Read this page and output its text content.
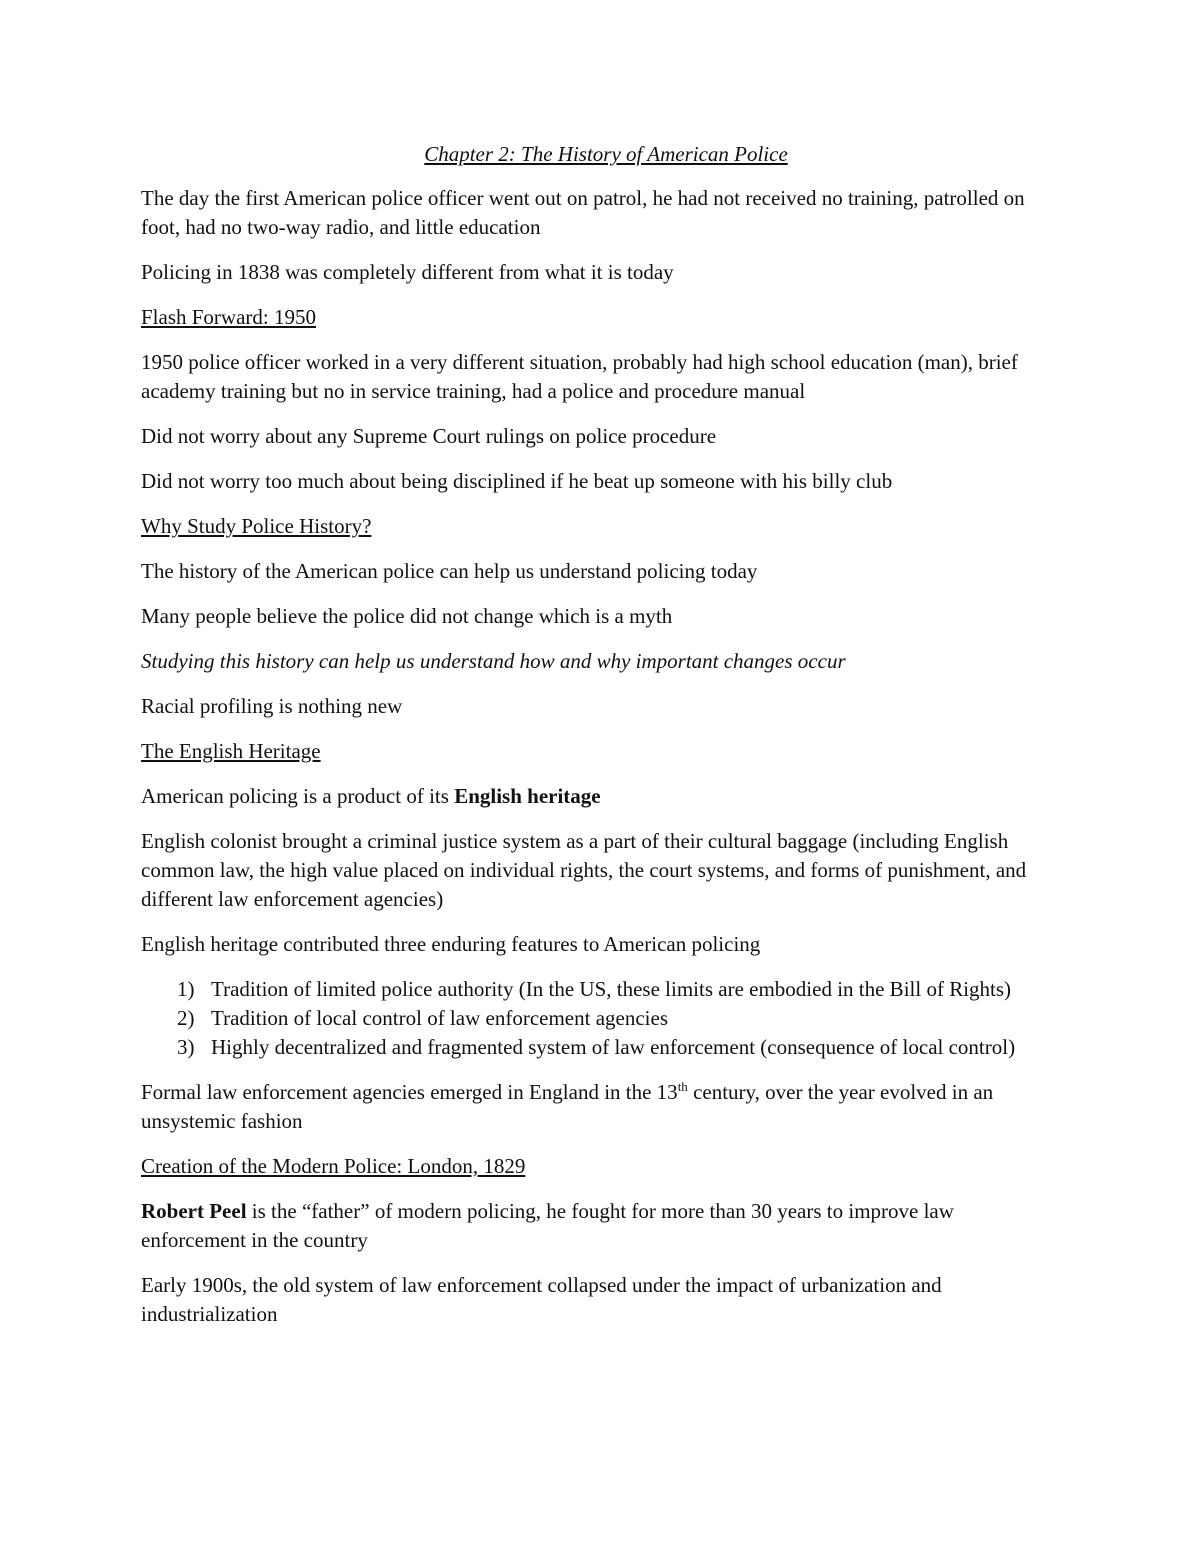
Chapter 2: The History of American Police

The day the first American police officer went out on patrol, he had not received no training, patrolled on foot, had no two-way radio, and little education

Policing in 1838 was completely different from what it is today

Flash Forward: 1950

1950 police officer worked in a very different situation, probably had high school education (man), brief academy training but no in service training, had a police and procedure manual

Did not worry about any Supreme Court rulings on police procedure

Did not worry too much about being disciplined if he beat up someone with his billy club

Why Study Police History?

The history of the American police can help us understand policing today

Many people believe the police did not change which is a myth

Studying this history can help us understand how and why important changes occur

Racial profiling is nothing new

The English Heritage

American policing is a product of its English heritage

English colonist brought a criminal justice system as a part of their cultural baggage (including English common law, the high value placed on individual rights, the court systems, and forms of punishment, and different law enforcement agencies)

English heritage contributed three enduring features to American policing

1) Tradition of limited police authority (In the US, these limits are embodied in the Bill of Rights)
2) Tradition of local control of law enforcement agencies
3) Highly decentralized and fragmented system of law enforcement (consequence of local control)

Formal law enforcement agencies emerged in England in the 13th century, over the year evolved in an unsystemic fashion

Creation of the Modern Police: London, 1829

Robert Peel is the “father” of modern policing, he fought for more than 30 years to improve law enforcement in the country

Early 1900s, the old system of law enforcement collapsed under the impact of urbanization and industrialization
